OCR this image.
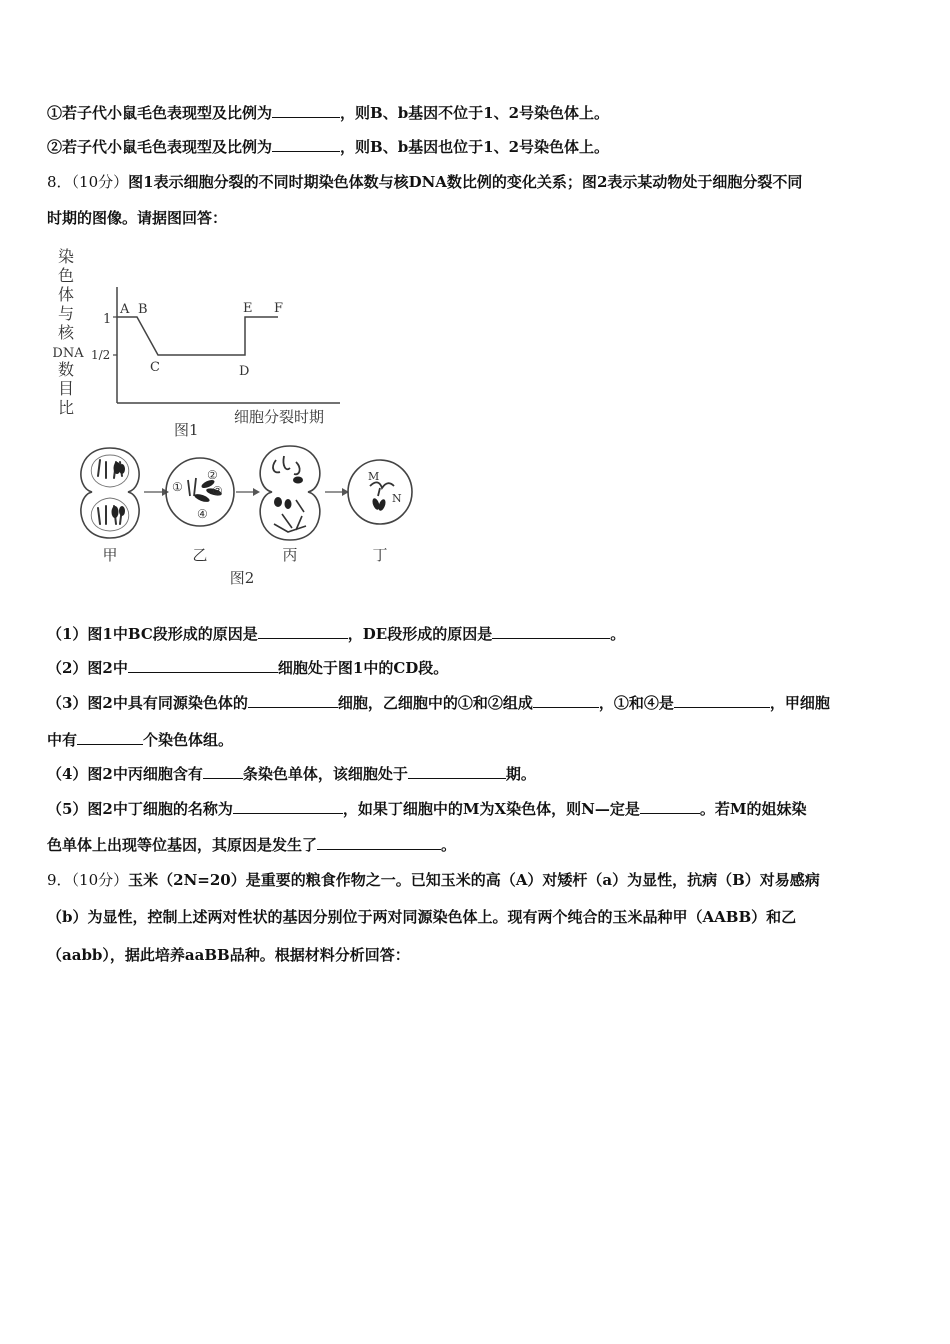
①若子代小鼠毛色表现型及比例为	，则B、b基因不位于1、2号染色体上。
②若子代小鼠毛色表现型及比例为	，则B、b基因也位于1、2号染色体上。
8．（10分）图1表示细胞分裂的不同时期染色体数与核DNA数比例的变化关系；图2表示某动物处于细胞分裂不同
时期的图像。请据图回答：
染
色
体
与
核
DNA
数
目
比
1
1/2
A B
C	D
E F
细胞分裂时期
图1
①
②
③
④
M
N
甲	乙	丙	丁
图2
（1）图1中BC段形成的原因是	，DE段形成的原因是	。
（2）图2中	细胞处于图1中的CD段。
（3）图2中具有同源染色体的	细胞，乙细胞中的①和②组成	，①和④是	，甲细胞
中有	个染色体组。
（4）图2中丙细胞含有	条染色单体，该细胞处于	期。
（5）图2中丁细胞的名称为	，如果丁细胞中的M为X染色体，则N—定是	。若M的姐妹染
色单体上出现等位基因，其原因是发生了	。
9．（10分）玉米（2N=20）是重要的粮食作物之一。已知玉米的高（A）对矮杆（a）为显性，抗病（B）对易感病
（b）为显性，控制上述两对性状的基因分别位于两对同源染色体上。现有两个纯合的玉米品种甲（AABB）和乙
（aabb），据此培养aaBB品种。根据材料分析回答：
